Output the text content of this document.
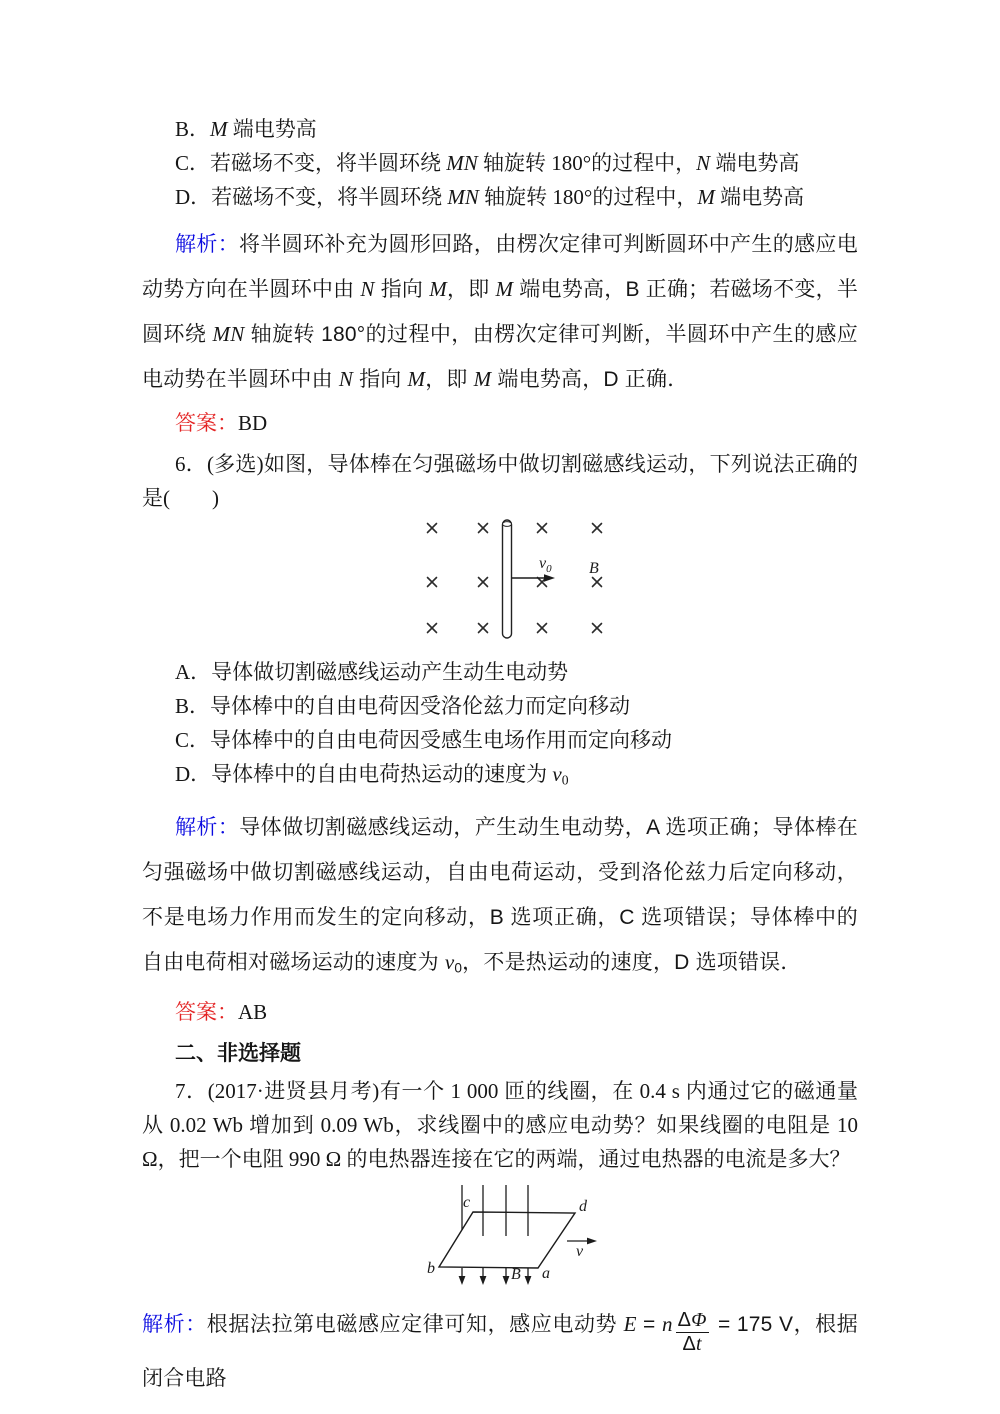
B．M 端电势高

C．若磁场不变，将半圆环绕 MN 轴旋转 180°的过程中，N 端电势高

D．若磁场不变，将半圆环绕 MN 轴旋转 180°的过程中，M 端电势高

解析：将半圆环补充为圆形回路，由楞次定律可判断圆环中产生的感应电动势方向在半圆环中由 N 指向 M，即 M 端电势高，B 正确；若磁场不变，半圆环绕 MN 轴旋转 180°的过程中，由楞次定律可判断，半圆环中产生的感应电动势在半圆环中由 N 指向 M，即 M 端电势高，D 正确．

答案：BD

6．(多选)如图，导体棒在匀强磁场中做切割磁感线运动，下列说法正确的是(　　)

$v_0$ B

A．导体做切割磁感线运动产生动生电动势

B．导体棒中的自由电荷因受洛伦兹力而定向移动

C．导体棒中的自由电荷因受感生电场作用而定向移动

D．导体棒中的自由电荷热运动的速度为 $v_0$

解析：导体做切割磁感线运动，产生动生电动势，A 选项正确；导体棒在匀强磁场中做切割磁感线运动，自由电荷运动，受到洛伦兹力后定向移动，不是电场力作用而发生的定向移动，B 选项正确，C 选项错误；导体棒中的自由电荷相对磁场运动的速度为 $v_0$，不是热运动的速度，D 选项错误．

答案：AB

二、非选择题

7．(2017·进贤县月考)有一个 1 000 匝的线圈，在 0.4 s 内通过它的磁通量从 0.02 Wb 增加到 0.09 Wb，求线圈中的感应电动势？如果线圈的电阻是 10 Ω，把一个电阻 990 Ω 的电热器连接在它的两端，通过电热器的电流是多大？

c	d
b	a
B
v

解析：根据法拉第电磁感应定律可知，感应电动势 E = n $\frac{\Delta\Phi}{\Delta t} = 175$ V，根据闭合电路
